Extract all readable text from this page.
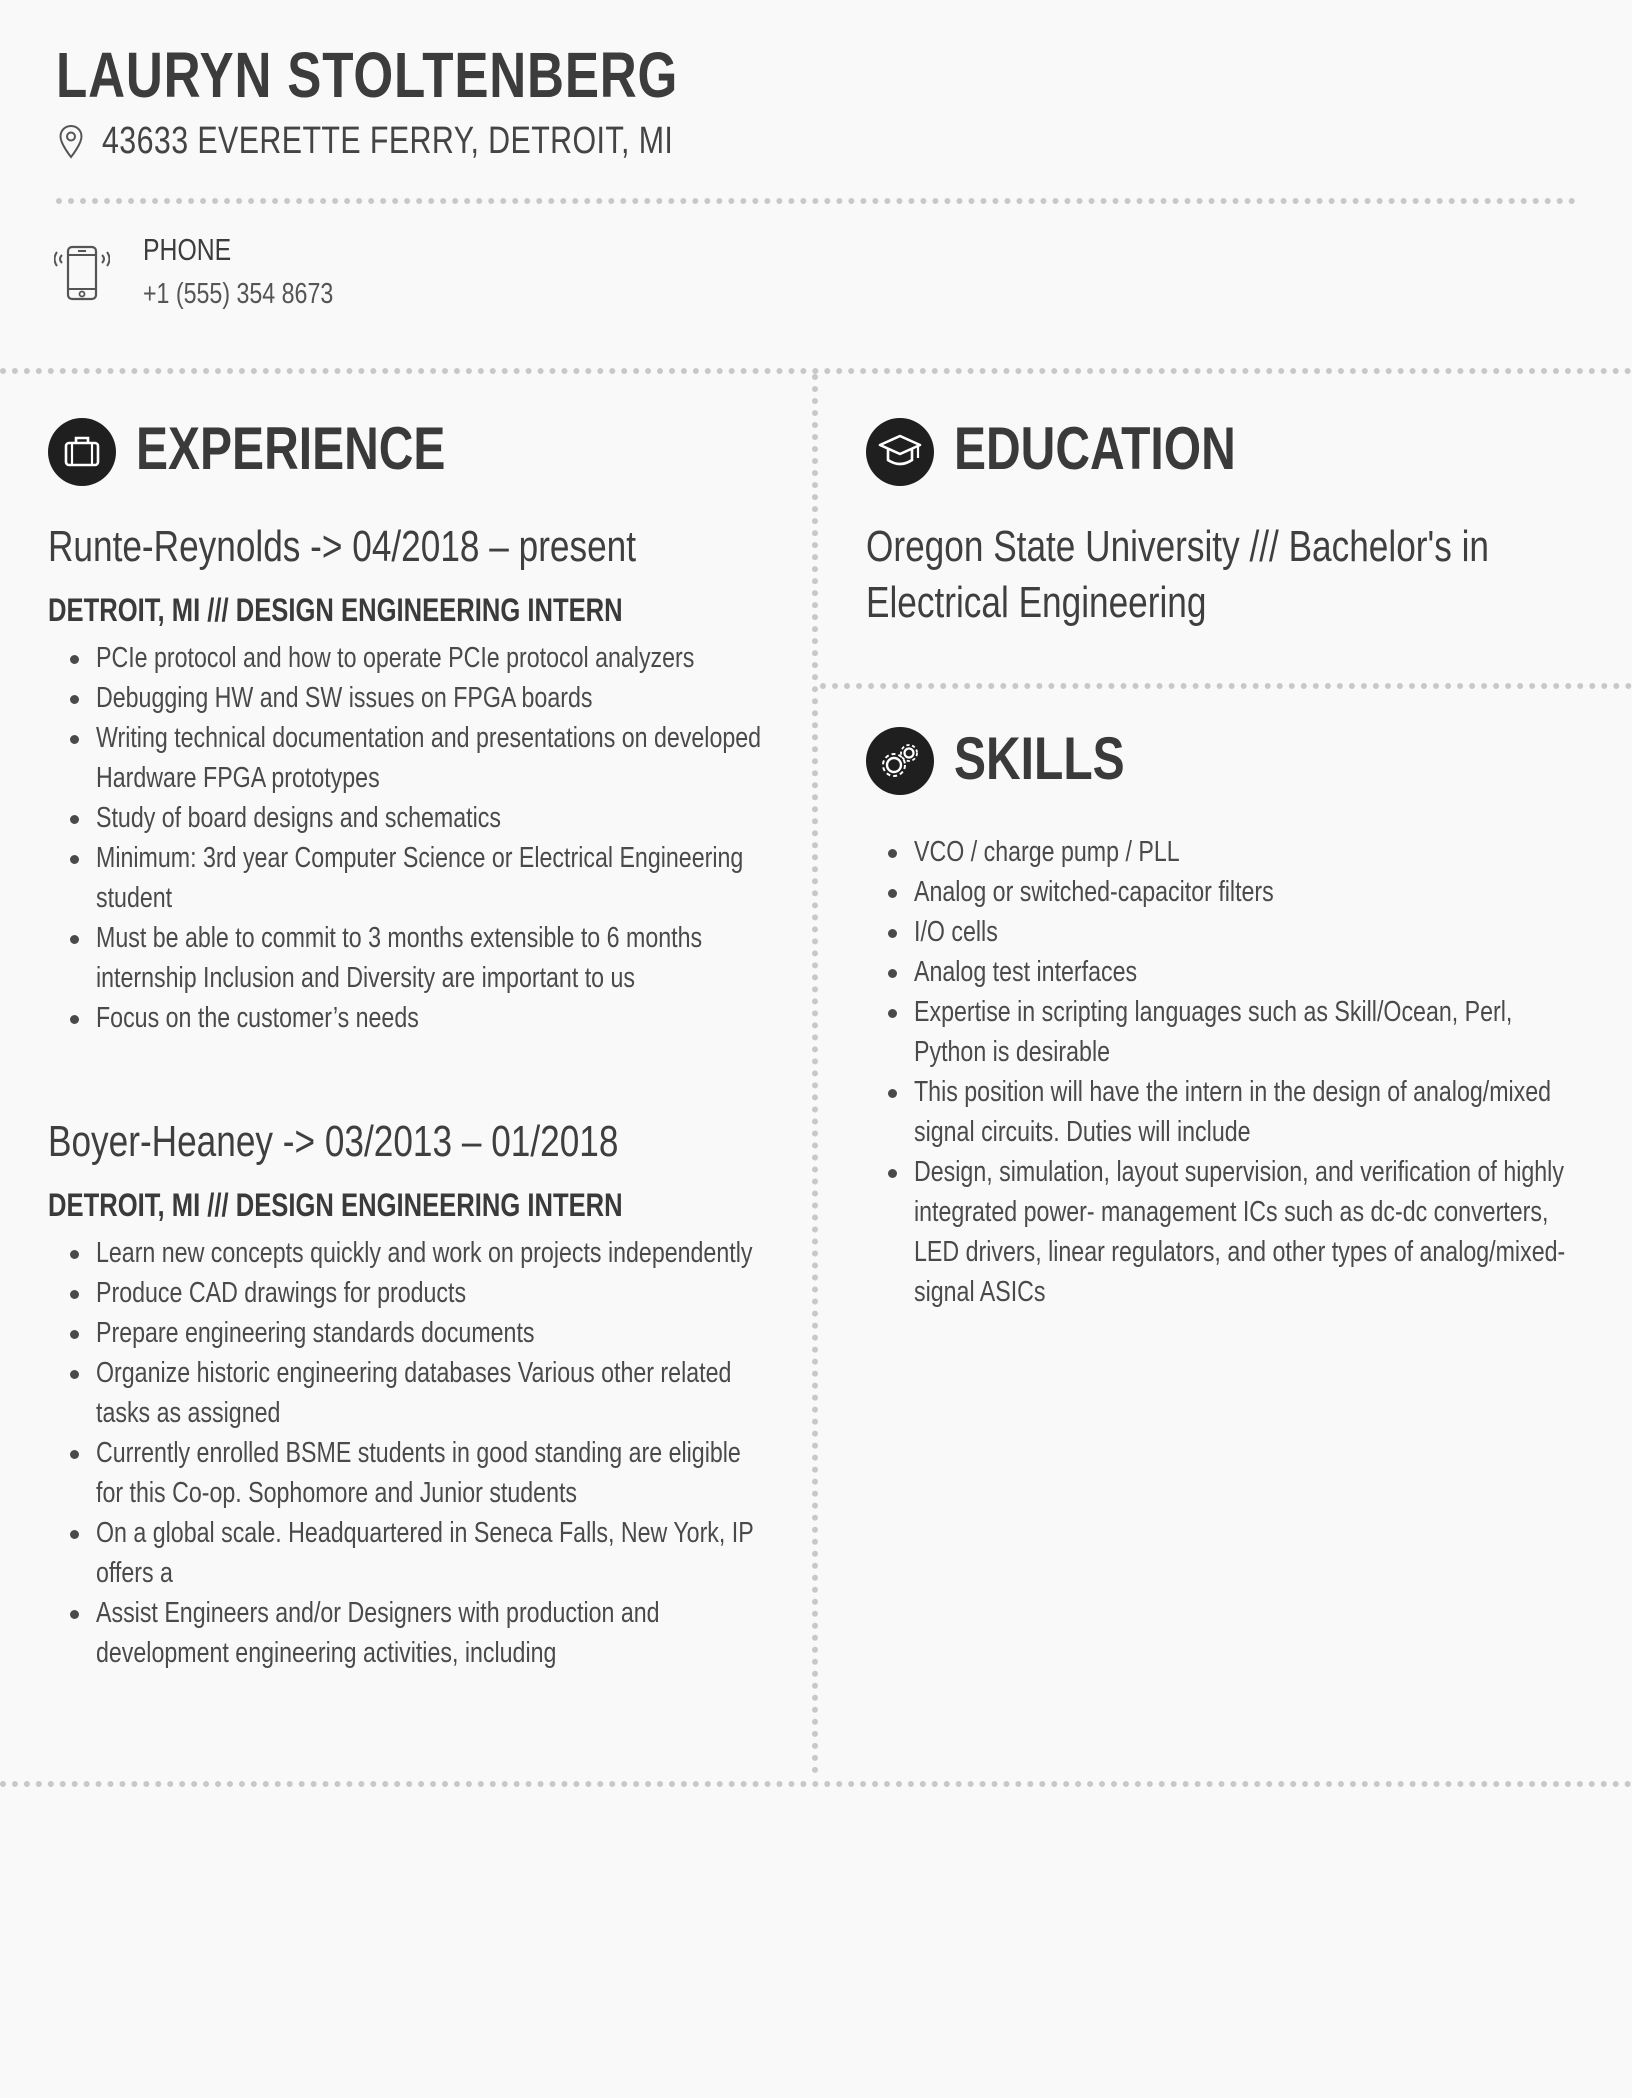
LAURYN STOLTENBERG
43633 EVERETTE FERRY, DETROIT, MI
PHONE
+1 (555) 354 8673
EXPERIENCE
Runte-Reynolds -> 04/2018 – present
DETROIT, MI /// DESIGN ENGINEERING INTERN
PCIe protocol and how to operate PCIe protocol analyzers
Debugging HW and SW issues on FPGA boards
Writing technical documentation and presentations on developed Hardware FPGA prototypes
Study of board designs and schematics
Minimum: 3rd year Computer Science or Electrical Engineering student
Must be able to commit to 3 months extensible to 6 months internship Inclusion and Diversity are important to us
Focus on the customer’s needs
Boyer-Heaney -> 03/2013 – 01/2018
DETROIT, MI /// DESIGN ENGINEERING INTERN
Learn new concepts quickly and work on projects independently
Produce CAD drawings for products
Prepare engineering standards documents
Organize historic engineering databases Various other related tasks as assigned
Currently enrolled BSME students in good standing are eligible for this Co-op. Sophomore and Junior students
On a global scale. Headquartered in Seneca Falls, New York, IP offers a
Assist Engineers and/or Designers with production and development engineering activities, including
EDUCATION
Oregon State University /// Bachelor's in
Electrical Engineering
SKILLS
VCO / charge pump / PLL
Analog or switched-capacitor filters
I/O cells
Analog test interfaces
Expertise in scripting languages such as Skill/Ocean, Perl, Python is desirable
This position will have the intern in the design of analog/mixed signal circuits. Duties will include
Design, simulation, layout supervision, and verification of highly integrated power- management ICs such as dc-dc converters, LED drivers, linear regulators, and other types of analog/mixed-signal ASICs
